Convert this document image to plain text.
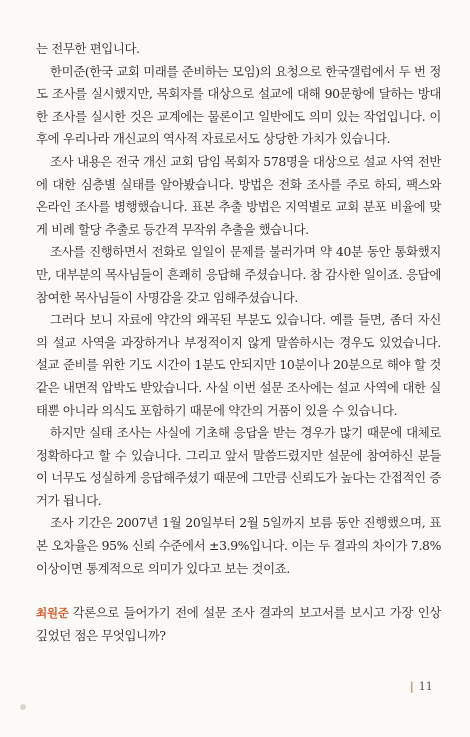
는 전무한 편입니다.

한미준(한국 교회 미래를 준비하는 모임)의 요청으로 한국갤럽에서 두 번 정도 조사를 실시했지만, 목회자를 대상으로 설교에 대해 90문항에 달하는 방대한 조사를 실시한 것은 교계에는 물론이고 일반에도 의미 있는 작업입니다. 이후에 우리나라 개신교의 역사적 자료로서도 상당한 가치가 있습니다.

조사 내용은 전국 개신 교회 담임 목회자 578명을 대상으로 설교 사역 전반에 대한 심층별 실태를 알아봤습니다. 방법은 전화 조사를 주로 하되, 팩스와 온라인 조사를 병행했습니다. 표본 추출 방법은 지역별로 교회 분포 비율에 맞게 비례 할당 추출로 등간격 무작위 추출을 했습니다.

조사를 진행하면서 전화로 일일이 문제를 불러가며 약 40분 동안 통화했지만, 대부분의 목사님들이 흔쾌히 응답해 주셨습니다. 참 감사한 일이죠. 응답에 참여한 목사님들이 사명감을 갖고 임해주셨습니다.

그러다 보니 자료에 약간의 왜곡된 부분도 있습니다. 예를 들면, 좀더 자신의 설교 사역을 과장하거나 부정적이지 않게 말씀하시는 경우도 있었습니다. 설교 준비를 위한 기도 시간이 1분도 안되지만 10분이나 20분으로 해야 할 것 같은 내면적 압박도 받았습니다. 사실 이번 설문 조사에는 설교 사역에 대한 실태뿐 아니라 의식도 포함하기 때문에 약간의 거품이 있을 수 있습니다.

하지만 실태 조사는 사실에 기초해 응답을 받는 경우가 많기 때문에 대체로 정확하다고 할 수 있습니다. 그리고 앞서 말씀드렸지만 설문에 참여하신 분들이 너무도 성실하게 응답해주셨기 때문에 그만큼 신뢰도가 높다는 간접적인 증거가 됩니다.

조사 기간은 2007년 1월 20일부터 2월 5일까지 보름 동안 진행했으며, 표본 오차율은 95% 신뢰 수준에서 ±3.9%입니다. 이는 두 결과의 차이가 7.8% 이상이면 통계적으로 의미가 있다고 보는 것이죠.

최원준 각론으로 들어가기 전에 설문 조사 결과의 보고서를 보시고 가장 인상 깊었던 점은 무엇입니까?

| 11
